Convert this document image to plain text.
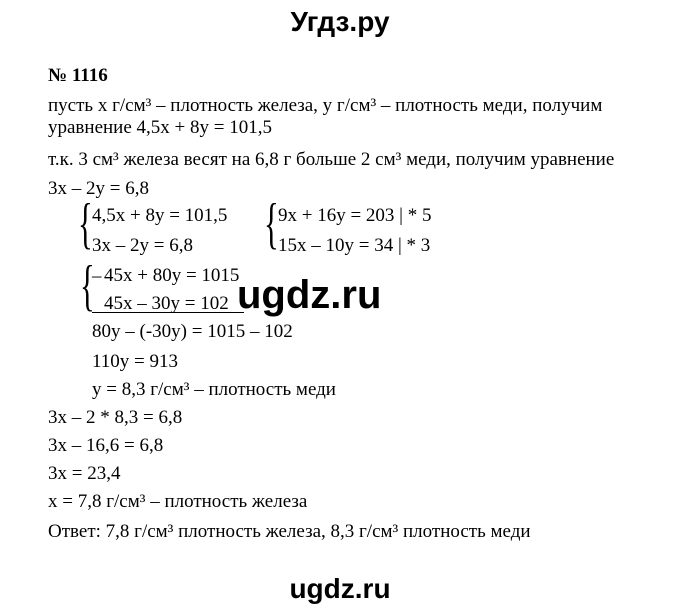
Угдз.ру
№ 1116
пусть х г/см³ – плотность железа, у г/см³ – плотность меди, получим
уравнение 4,5х + 8у = 101,5
т.к. 3 см³ железа весят на 6,8 г больше 2 см³ меди, получим уравнение
3х – 2у = 6,8
{ 4,5х + 8у = 101,5
3х – 2у = 6,8 { 9х + 16у = 203 | * 5
15х – 10у = 34 | * 3
{
_ 45х + 80у = 1015
45х – 30у = 102
80у – (-30у) = 1015 – 102
110у = 913
у = 8,3 г/см³ – плотность меди
3х – 2 * 8,3 = 6,8
3х – 16,6 = 6,8
3х = 23,4
х = 7,8 г/см³ – плотность железа
Ответ: 7,8 г/см³ плотность железа, 8,3 г/см³ плотность меди
ugdz.ru
ugdz.ru
